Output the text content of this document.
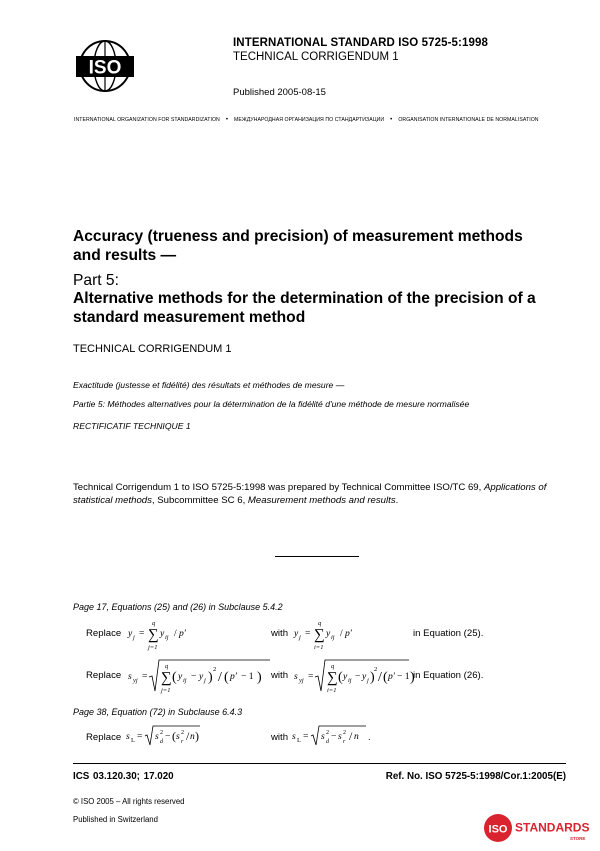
ISO
INTERNATIONAL STANDARD ISO 5725-5:1998
TECHNICAL CORRIGENDUM 1
Published 2005-08-15
INTERNATIONAL ORGANIZATION FOR STANDARDIZATION • МЕЖДУНАРОДНАЯ ОРГАНИЗАЦИЯ ПО СТАНДАРТИЗАЦИИ • ORGANISATION INTERNATIONALE DE NORMALISATION
Accuracy (trueness and precision) of measurement methods and results —
Part 5:
Alternative methods for the determination of the precision of a standard measurement method
TECHNICAL CORRIGENDUM 1
Exactitude (justesse et fidélité) des résultats et méthodes de mesure —
Partie 5: Méthodes alternatives pour la détermination de la fidélité d'une méthode de mesure normalisée
RECTIFICATIF TECHNIQUE 1
Technical Corrigendum 1 to ISO 5725-5:1998 was prepared by Technical Committee ISO/TC 69, Applications of statistical methods, Subcommittee SC 6, Measurement methods and results.
Page 17, Equations (25) and (26) in Subclause 5.4.2
Replace y j = ∑
q
j=1
y ij / p′	with y j = ∑
q
i=1
y ij / p′	in Equation (25).
Replace s yj = ∑
q
j=1
( y ij − y j )
2
/ ( p′ − 1 ) with s yj = ∑
q
i=1
( y ij − y j )
2
/ ( p′ − 1 )
in Equation (26).
Page 38, Equation (72) in Subclause 6.4.3
Replace s L = s 2
d − ( s 2
r / n )	with s L = s 2
d − s 2
r / n .
ICS 03.120.30; 17.020	Ref. No. ISO 5725-5:1998/Cor.1:2005(E)
© ISO 2005 – All rights reserved
Published in Switzerland
ISO STANDARDS
STORE
